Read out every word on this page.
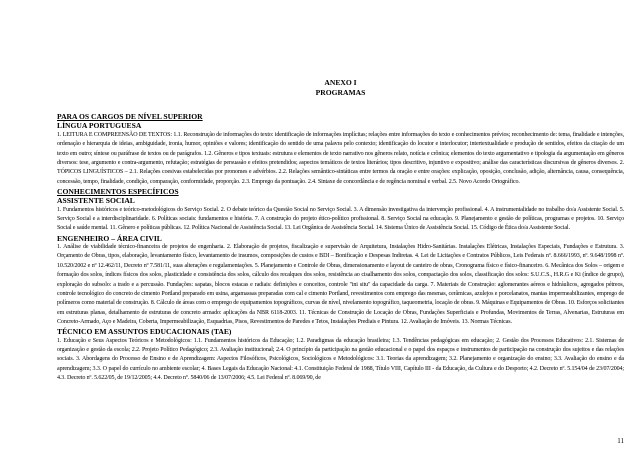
ANEXO I
PROGRAMAS
PARA OS CARGOS DE NÍVEL SUPERIOR
LÍNGUA PORTUGUESA
1. LEITURA E COMPREENSÃO DE TEXTOS: 1.1. Reconstrução de informações do texto: identificação de informações implícitas; relações entre informações do texto e conhecimentos prévios; reconhecimento de: tema, finalidade e intenções, ordenação e hierarquia de ideias, ambiguidade, ironia, humor, opiniões e valores; identificação do sentido de uma palavra pelo contexto; identificação do locutor e interlocutor; intertextualidade e produção de sentidos, efeitos da citação de um texto em outro; síntese ou paráfrase de textos ou de parágrafos. 1.2. Gêneros e tipos textuais: estrutura e elementos de texto narrativo nos gêneros relato, notícia e crônica; elementos do texto argumentativo e tipologia da argumentação em gêneros diversos: tese, argumento e contra-argumento, refutação; estratégias de persuasão e efeitos pretendidos; aspectos temáticos de textos literários; tipos descritivo, injuntivo e expositivo; análise das características discursivas de gêneros diversos. 2. TÓPICOS LINGUÍSTICOS – 2.1. Relações coesivas estabelecidas por pronomes e advérbios. 2.2. Relações semântico-sintáticas entre termos da oração e entre orações: explicação, oposição, conclusão, adição, alternância, causa, consequência, concessão, tempo, finalidade, condição, comparação, conformidade, proporção. 2.3. Emprego da pontuação. 2.4. Sintaxe de concordância e de regência nominal e verbal. 2.5. Novo Acordo Ortográfico.
CONHECIMENTOS ESPECÍFICOS
ASSISTENTE SOCIAL
1. Fundamentos históricos e teórico-metodológicos do Serviço Social. 2. O debate teórico da Questão Social no Serviço Social. 3. A dimensão investigativa da intervenção profissional. 4. A instrumentalidade no trabalho do/a Assistente Social. 5. Serviço Social e a interdisciplinaridade. 6. Políticas sociais: fundamentos e história. 7. A construção do projeto ético-político profissional. 8. Serviço Social na educação. 9. Planejamento e gestão de políticas, programas e projetos. 10. Serviço Social e saúde mental. 11. Gênero e políticas públicas. 12. Política Nacional de Assistência Social. 13. Lei Orgânica de Assistência Social. 14. Sistema Único de Assistência Social. 15. Código de Ética do/a Assistente Social.
ENGENHEIRO – ÁREA CIVIL
1. Análise de viabilidade técnico-financeira de projetos de engenharia. 2. Elaboração de projetos, fiscalização e supervisão de Arquitetura, Instalações Hidro-Sanitárias. Instalações Elétricas, Instalações Especiais, Fundações e Estrutura. 3. Orçamento de Obras, tipos, elaboração, levantamento físico, levantamento de insumos, composições de custos e BDI – Bonificação e Despesas Indiretas. 4. Lei de Licitações e Contratos Públicos, Leis Federais nº. 8.666/1993, nº. 9.648/1998 nº. 10.520/2002 e nº 12.462/11, Decreto nº 7.581/11, suas alterações e regulamentações. 5. Planejamento e Controle de Obras, dimensionamento e layout de canteiro de obras, Cronograma físico e físico-financeiro. 6. Mecânica dos Solos – origem e formação dos solos, índices físicos dos solos, plasticidade e consistência dos solos, cálculo dos recalques dos solos, resistência ao cisalhamento dos solos, compactação dos solos, classificação dos solos: S.U.C.S., H.R.G e Ki (índice de grupo), exploração do subsolo: a trado e a percussão. Fundações: sapatas, blocos estacas e radiais: definições e conceitos, controle "ini situ" da capacidade da carga. 7. Materiais de Construção: aglomerantes aéreos e hidráulicos, agregados pétreos, controle tecnológico do concreto de cimento Portland preparado em usina, argamassas preparadas com cal e cimento Portland, revestimentos com emprego das mesmas, cerâmicas, azulejos e porcelanatos, mantas impermeabilizantes, emprego de polímeros como material de construção. 8. Cálculo de áreas com o emprego de equipamentos topográficos, curvas de nível, nivelamento topográfico, taqueometria, locação de obras. 9. Máquinas e Equipamentos de Obras. 10. Esforços solicitantes em estruturas planas, detalhamento de estruturas de concreto armado: aplicações da NBR 6118-2003. 11. Técnicas de Construção de Locação de Obras, Fundações Superficiais e Profundas, Movimentos de Terras, Alvenarias, Estruturas em Concreto-Armado, Aço e Madeira, Coberta, Impermeabilização, Esquadrias, Pisos, Revestimentos de Paredes e Tetos, Instalações Prediais e Pintura. 12. Avaliação de Imóveis. 13. Normas Técnicas.
TÉCNICO EM ASSUNTOS EDUCACIONAIS (TAE)
1. Educação e Seus Aspectos Teóricos e Metodológicos: 1.1. Fundamentos históricos da Educação; 1.2. Paradigmas da educação brasileira; 1.3. Tendências pedagógicas em educação; 2. Gestão dos Processos Educativos: 2.1. Sistemas de organização e gestão da escola; 2.2. Projeto Político Pedagógico; 2.3. Avaliação institucional; 2.4. O princípio da participação na gestão educacional e o papel dos espaços e instrumentos de participação na construção dos sujeitos e das relações sociais. 3. Abordagens do Processo de Ensino e de Aprendizagem: Aspectos Filosóficos, Psicológicos, Sociológicos e Metodológicos: 3.1. Teorias da aprendizagem; 3.2. Planejamento e organização do ensino; 3.3. Avaliação do ensino e da aprendizagem; 3.3. O papel do currículo no ambiente escolar; 4. Bases Legais da Educação Nacional: 4.1. Constituição Federal de 1988, Título VIII, Capítulo III - da Educação, da Cultura e do Desporto; 4.2. Decreto nº. 5.154/04 de 23/07/2004; 4.3. Decreto nº. 5.622/05, de 19/12/2005; 4.4. Decreto nº. 5840/06 de 13/07/2006; 4.5. Lei Federal nº. 8.069/90, de
11
